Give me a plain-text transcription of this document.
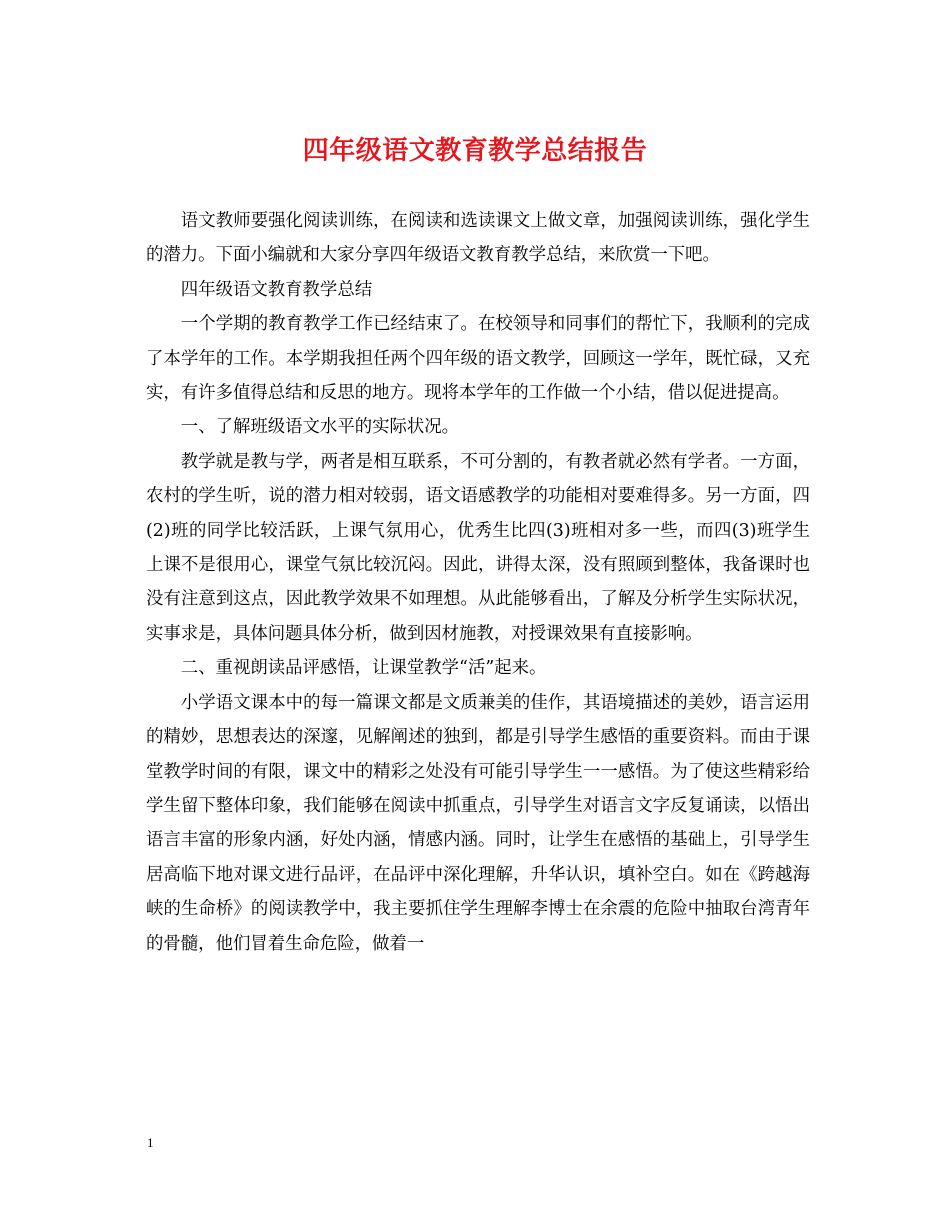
四年级语文教育教学总结报告

语文教师要强化阅读训练，在阅读和选读课文上做文章，加强阅读训练，强化学生的潜力。下面小编就和大家分享四年级语文教育教学总结，来欣赏一下吧。

四年级语文教育教学总结

一个学期的教育教学工作已经结束了。在校领导和同事们的帮忙下，我顺利的完成了本学年的工作。本学期我担任两个四年级的语文教学，回顾这一学年，既忙碌，又充实，有许多值得总结和反思的地方。现将本学年的工作做一个小结，借以促进提高。

一、了解班级语文水平的实际状况。

教学就是教与学，两者是相互联系，不可分割的，有教者就必然有学者。一方面，农村的学生听，说的潜力相对较弱，语文语感教学的功能相对要难得多。另一方面，四(2)班的同学比较活跃，上课气氛用心，优秀生比四(3)班相对多一些，而四(3)班学生上课不是很用心，课堂气氛比较沉闷。因此，讲得太深，没有照顾到整体，我备课时也没有注意到这点，因此教学效果不如理想。从此能够看出，了解及分析学生实际状况，实事求是，具体问题具体分析，做到因材施教，对授课效果有直接影响。

二、重视朗读品评感悟，让课堂教学“活”起来。

小学语文课本中的每一篇课文都是文质兼美的佳作，其语境描述的美妙，语言运用的精妙，思想表达的深邃，见解阐述的独到，都是引导学生感悟的重要资料。而由于课堂教学时间的有限，课文中的精彩之处没有可能引导学生一一感悟。为了使这些精彩给学生留下整体印象，我们能够在阅读中抓重点，引导学生对语言文字反复诵读，以悟出语言丰富的形象内涵，好处内涵，情感内涵。同时，让学生在感悟的基础上，引导学生居高临下地对课文进行品评，在品评中深化理解，升华认识，填补空白。如在《跨越海峡的生命桥》的阅读教学中，我主要抓住学生理解李博士在余震的危险中抽取台湾青年的骨髓，他们冒着生命危险，做着一

1
